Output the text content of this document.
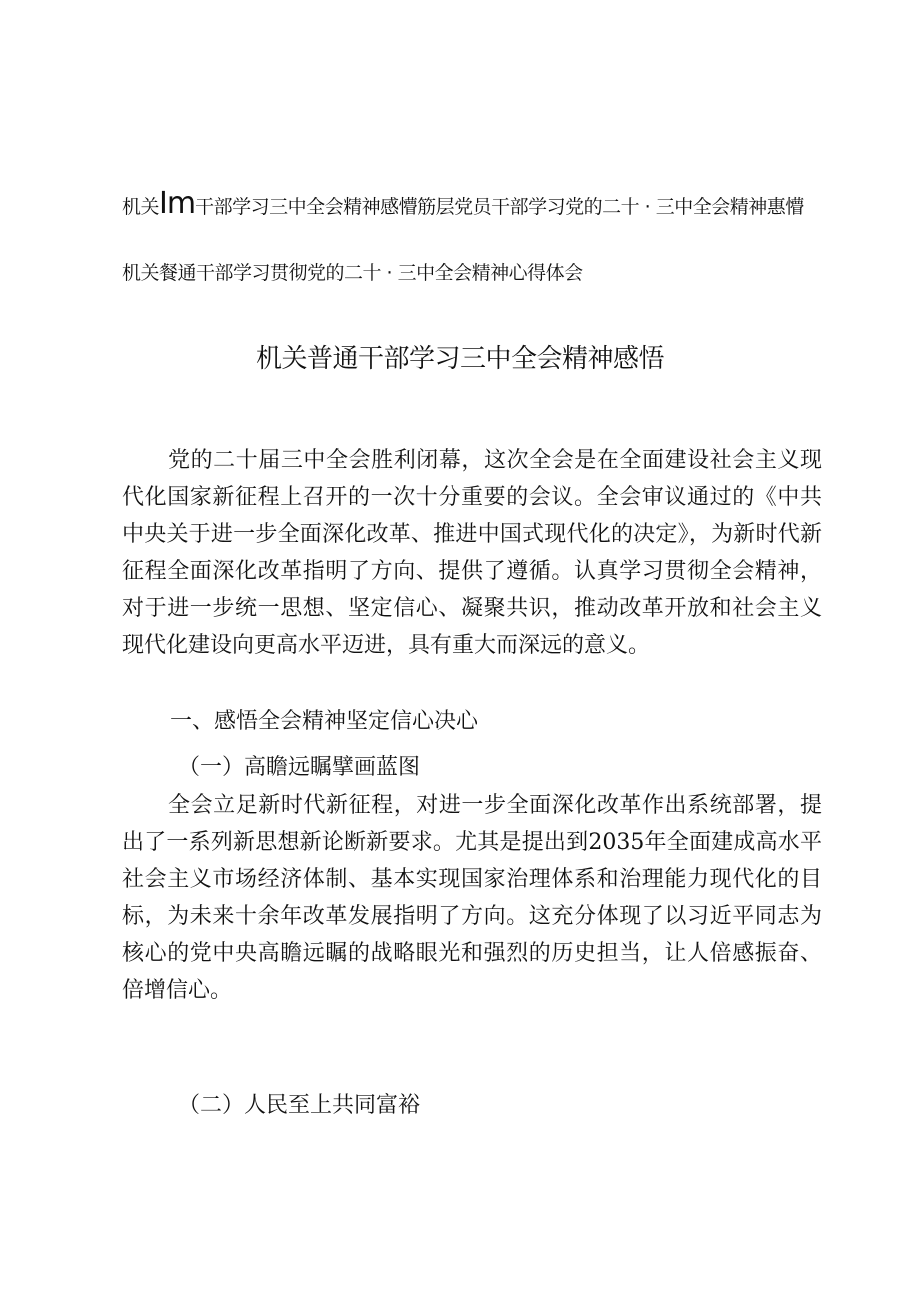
机关Im干部学习三中全会精神感懵筋层党员干部学习党的二十 · 三中全会精神惠懵
机关餐通干部学习贯彻党的二十 · 三中全会精神心得体会
机关普通干部学习三中全会精神感悟
党的二十届三中全会胜利闭幕，这次全会是在全面建设社会主义现代化国家新征程上召开的一次十分重要的会议。全会审议通过的《中共中央关于进一步全面深化改革、推进中国式现代化的决定》，为新时代新征程全面深化改革指明了方向、提供了遵循。认真学习贯彻全会精神，对于进一步统一思想、坚定信心、凝聚共识，推动改革开放和社会主义现代化建设向更高水平迈进，具有重大而深远的意义。
一、感悟全会精神坚定信心决心
（一）高瞻远瞩擘画蓝图
全会立足新时代新征程，对进一步全面深化改革作出系统部署，提出了一系列新思想新论断新要求。尤其是提出到2035年全面建成高水平社会主义市场经济体制、基本实现国家治理体系和治理能力现代化的目标，为未来十余年改革发展指明了方向。这充分体现了以习近平同志为核心的党中央高瞻远瞩的战略眼光和强烈的历史担当，让人倍感振奋、倍增信心。
（二）人民至上共同富裕
